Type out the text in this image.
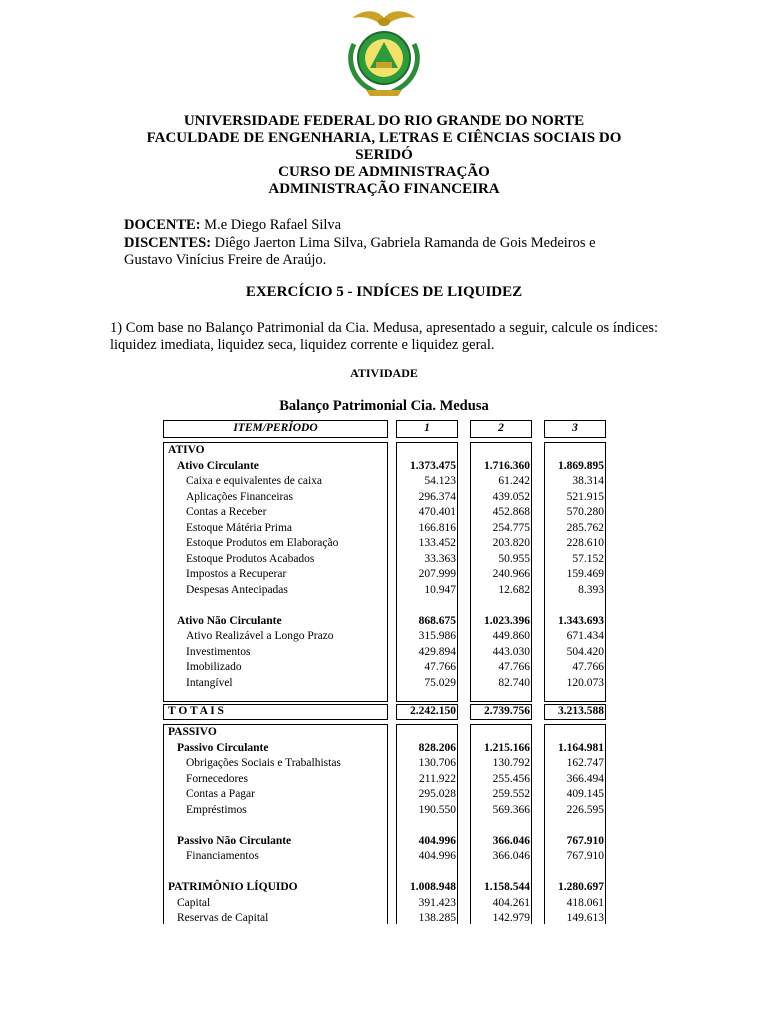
UNIVERSIDADE FEDERAL DO RIO GRANDE DO NORTE
FACULDADE DE ENGENHARIA, LETRAS E CIÊNCIAS SOCIAIS DO
SERIDÓ
CURSO DE ADMINISTRAÇÃO
ADMINISTRAÇÃO FINANCEIRA
DOCENTE: M.e Diego Rafael Silva
DISCENTES: Diêgo Jaerton Lima Silva, Gabriela Ramanda de Gois Medeiros e
Gustavo Vinícius Freire de Araújo.
EXERCÍCIO 5 - INDÍCES DE LIQUIDEZ
1) Com base no Balanço Patrimonial da Cia. Medusa, apresentado a seguir, calcule os índices: liquidez imediata, liquidez seca, liquidez corrente e liquidez geral.
ATIVIDADE
Balanço Patrimonial Cia. Medusa
ITEM/PERÍODO	1	2	3
ATIVO
Ativo Circulante	1.373.475	1.716.360	1.869.895
Caixa e equivalentes de caixa	54.123	61.242	38.314
Aplicações Financeiras	296.374	439.052	521.915
Contas a Receber	470.401	452.868	570.280
Estoque Mátéria Prima	166.816	254.775	285.762
Estoque Produtos em Elaboração	133.452	203.820	228.610
Estoque Produtos Acabados	33.363	50.955	57.152
Impostos a Recuperar	207.999	240.966	159.469
Despesas Antecipadas	10.947	12.682	8.393
Ativo Não Circulante	868.675	1.023.396	1.343.693
Ativo Realizável a Longo Prazo	315.986	449.860	671.434
Investimentos	429.894	443.030	504.420
Imobilizado	47.766	47.766	47.766
Intangível	75.029	82.740	120.073
T O T A I S	2.242.150	2.739.756	3.213.588
PASSIVO
Passivo Circulante	828.206	1.215.166	1.164.981
Obrigações Sociais e Trabalhistas	130.706	130.792	162.747
Fornecedores	211.922	255.456	366.494
Contas a Pagar	295.028	259.552	409.145
Empréstimos	190.550	569.366	226.595
Passivo Não Circulante	404.996	366.046	767.910
Financiamentos	404.996	366.046	767.910
PATRIMÔNIO LÍQUIDO	1.008.948	1.158.544	1.280.697
Capital	391.423	404.261	418.061
Reservas de Capital	138.285	142.979	149.613
